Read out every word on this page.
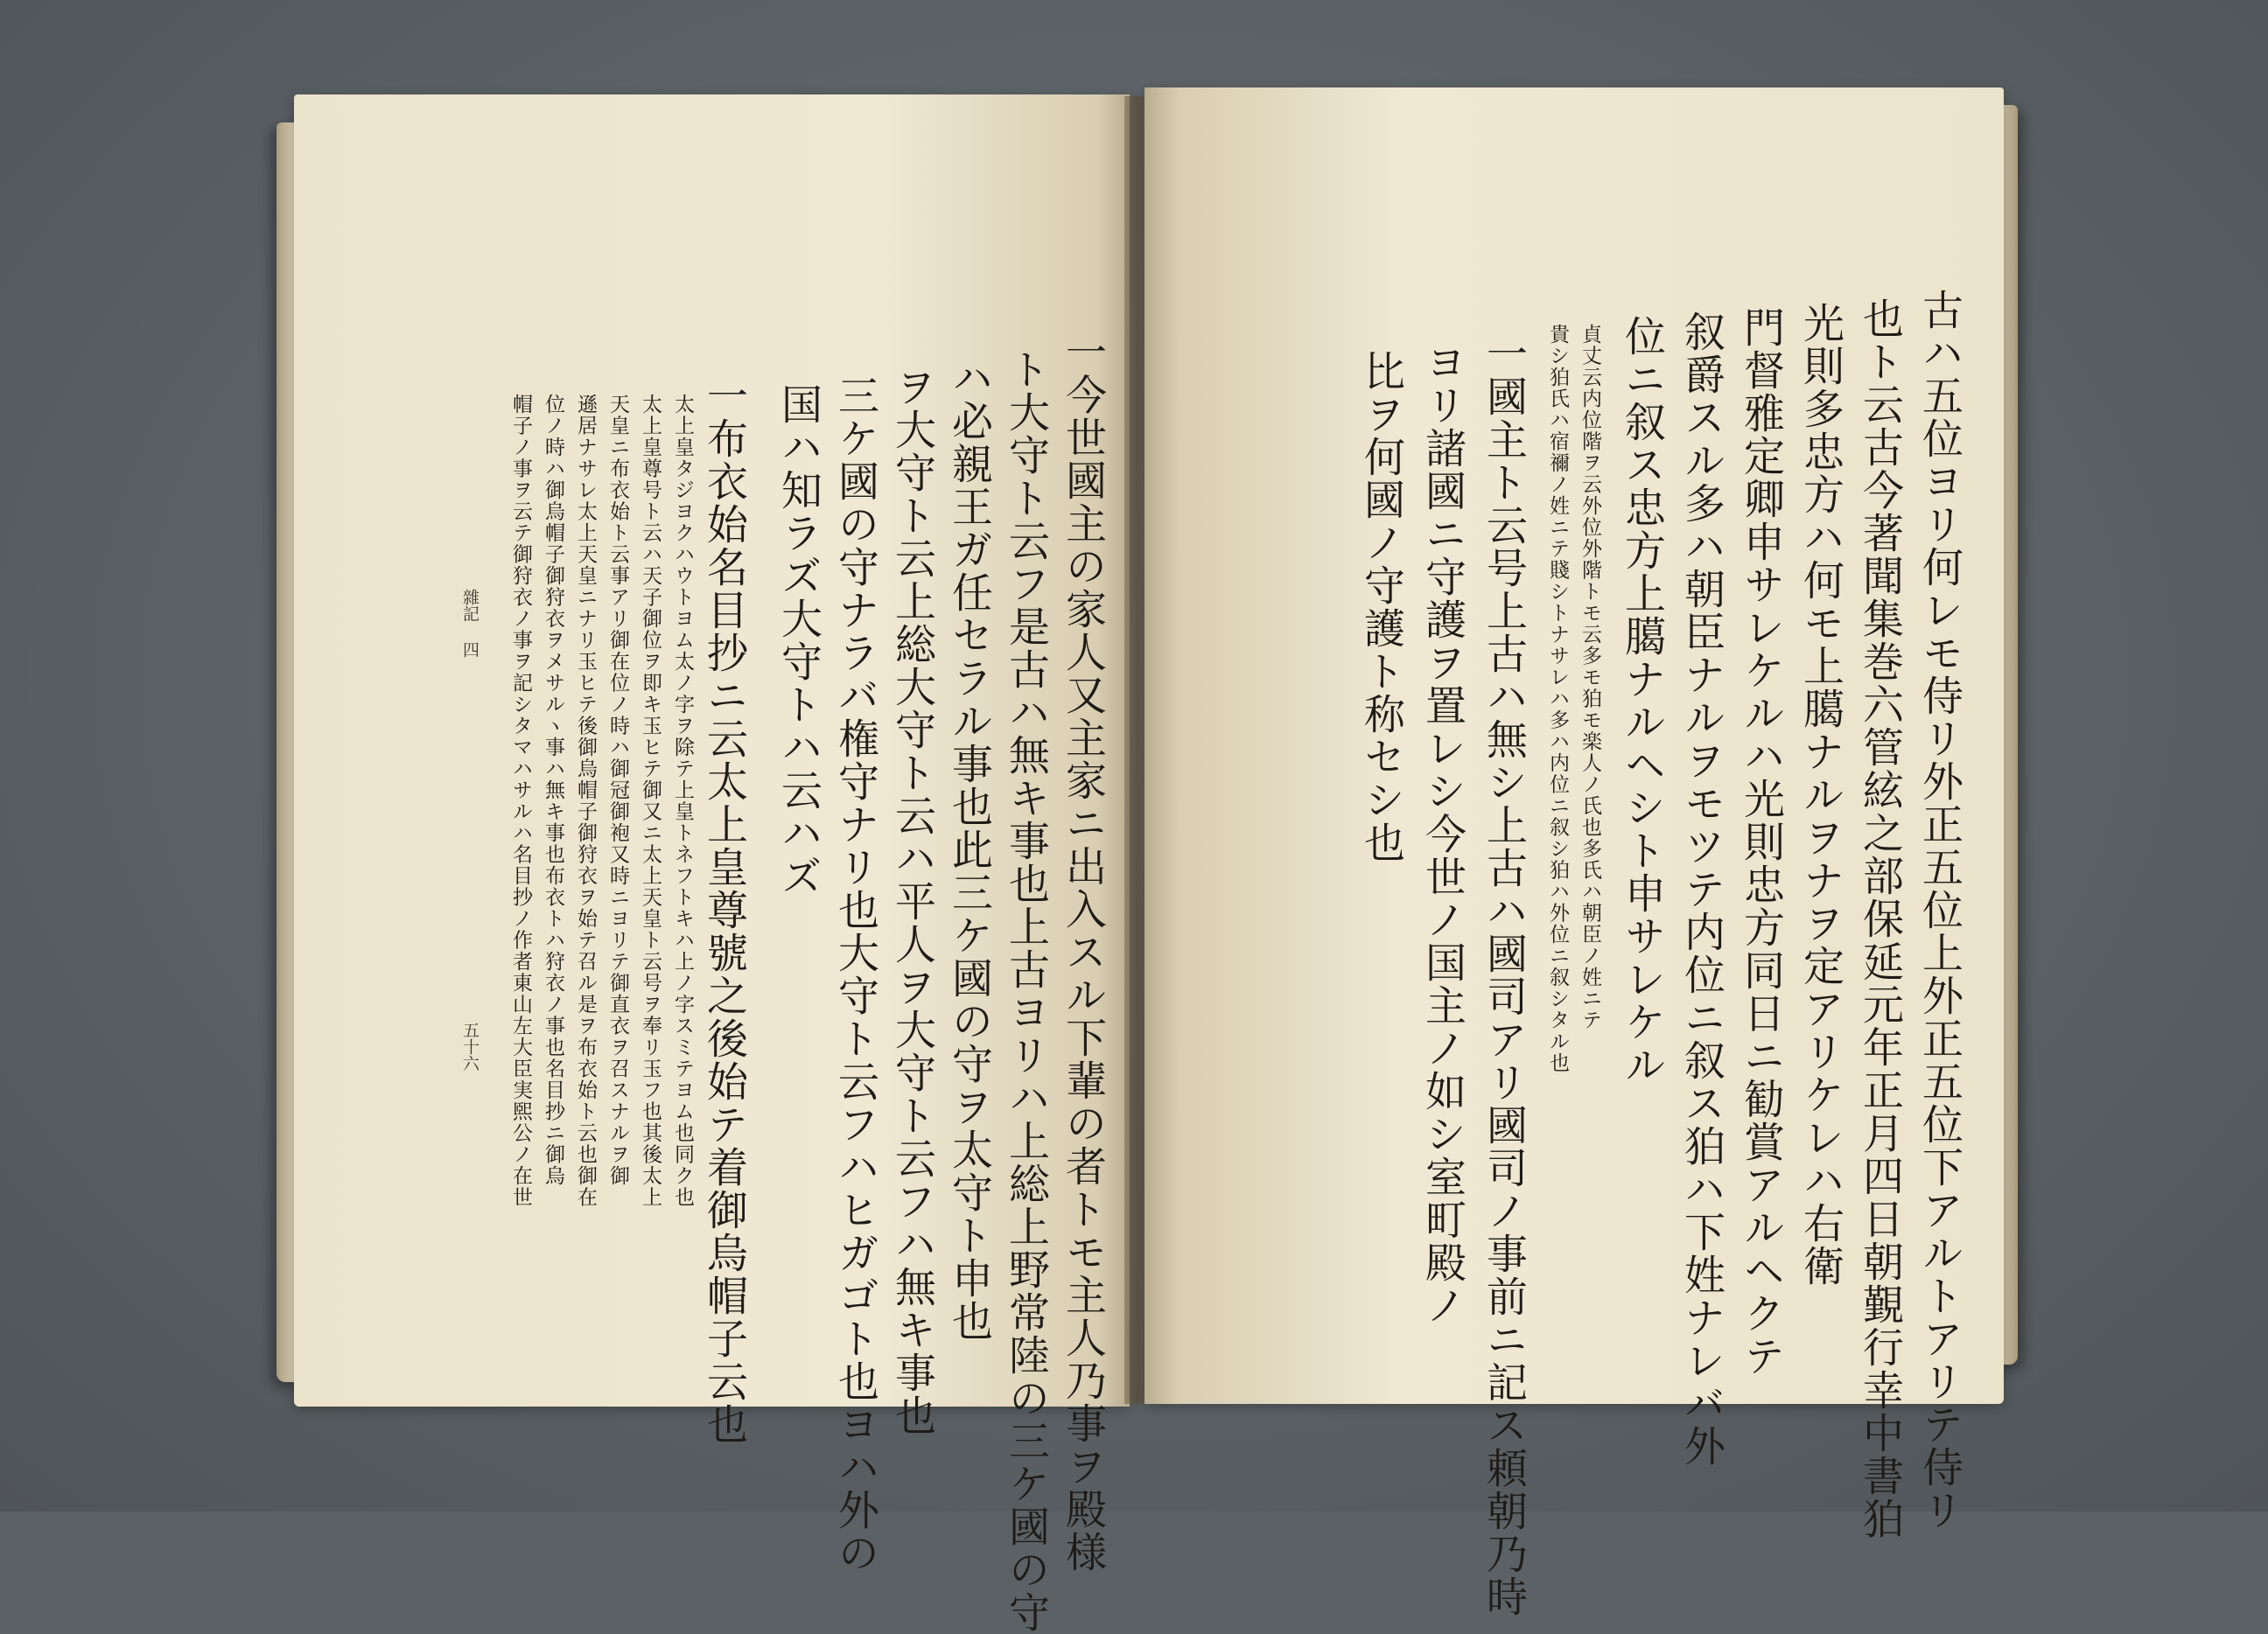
一今世國主の家人又主家ニ出入スル下輩の者トモ主人乃事ヲ殿様
ト大守ト云フ是古ハ無キ事也上古ヨリハ上総上野常陸の三ケ國の守
ハ必親王ガ任セラル事也此三ケ國の守ヲ太守ト申也
ヲ大守ト云上総大守ト云ハ平人ヲ大守ト云フハ無キ事也
三ケ國の守ナラバ権守ナリ也大守ト云フハヒガゴト也ヨハ外の
国ハ知ラズ大守トハ云ハズ
一布衣始名目抄ニ云太上皇尊號之後始テ着御烏帽子云也
太上皇タジヨクハウトヨム太ノ字ヲ除テ上皇トネフトキハ上ノ字スミテヨム也同ク也
太上皇尊号ト云ハ天子御位ヲ即キ玉ヒテ御又ニ太上天皇ト云号ヲ奉リ玉フ也其後太上
天皇ニ布衣始ト云事アリ御在位ノ時ハ御冠御袍又時ニヨリテ御直衣ヲ召スナルヲ御
遜居ナサレ太上天皇ニナリ玉ヒテ後御烏帽子御狩衣ヲ始テ召ル是ヲ布衣始ト云也御在
位ノ時ハ御烏帽子御狩衣ヲメサルヽ事ハ無キ事也布衣トハ狩衣ノ事也名目抄ニ御烏
帽子ノ事ヲ云テ御狩衣ノ事ヲ記シタマハサルハ名目抄ノ作者東山左大臣実煕公ノ在世
雜記 四
五十六	古ハ五位ヨリ何レモ侍リ外正五位上外正五位下アルトアリテ侍リ
也ト云古今著聞集巻六管絃之部保延元年正月四日朝覲行幸中書狛
光則多忠方ハ何モ上臈ナルヲナヲ定アリケレハ右衛
門督雅定卿申サレケルハ光則忠方同日ニ勧賞アルヘクテ
叙爵スル多ハ朝臣ナルヲモツテ内位ニ叙ス狛ハ下姓ナレバ外
位ニ叙ス忠方上臈ナルヘシト申サレケル
貞丈云内位階ヲ云外位外階トモ云多モ狛モ楽人ノ氏也多氏ハ朝臣ノ姓ニテ
貴シ狛氏ハ宿禰ノ姓ニテ賤シトナサレハ多ハ内位ニ叙シ狛ハ外位ニ叙シタル也
一國主ト云号上古ハ無シ上古ハ國司アリ國司ノ事前ニ記ス頼朝乃時
ヨリ諸國ニ守護ヲ置レシ今世ノ国主ノ如シ室町殿ノ
比ヲ何國ノ守護ト称セシ也
